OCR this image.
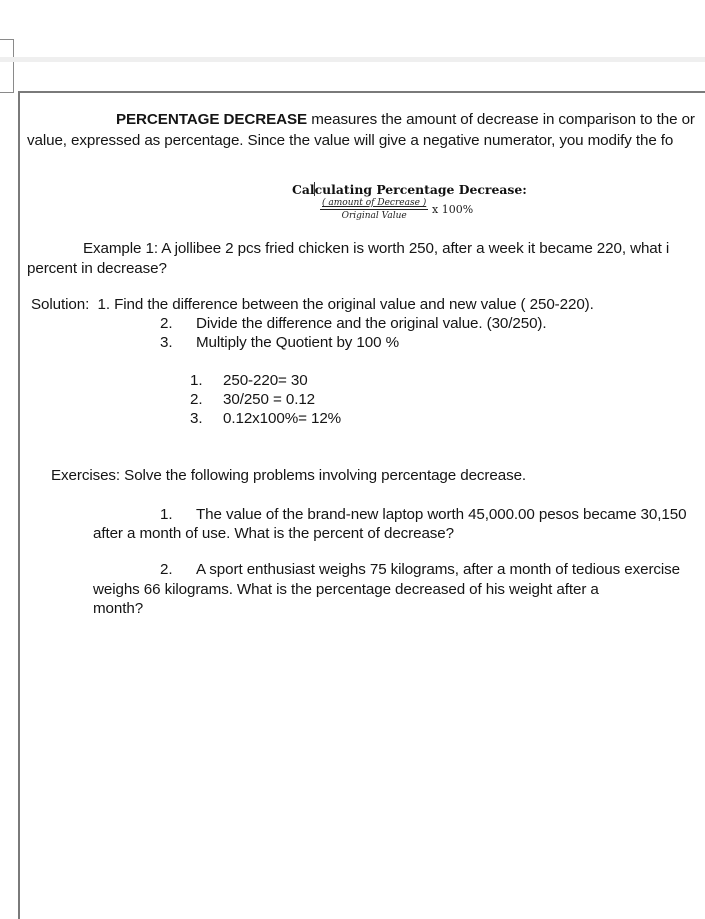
PERCENTAGE DECREASE measures the amount of decrease in comparison to the or
value, expressed as percentage. Since the value will give a negative numerator, you modify the fo
Calculating Percentage Decrease:
( amount of Decrease )
Original Value x 100%
Example 1: A jollibee 2 pcs fried chicken is worth 250, after a week it became 220, what i
percent in decrease?
Solution: 1. Find the difference between the original value and new value ( 250-220).
2. Divide the difference and the original value. (30/250).
3. Multiply the Quotient by 100 %
1. 250-220= 30
2. 30/250 = 0.12
3. 0.12x100%= 12%
Exercises: Solve the following problems involving percentage decrease.
1. The value of the brand-new laptop worth 45,000.00 pesos became 30,150
after a month of use. What is the percent of decrease?
2. A sport enthusiast weighs 75 kilograms, after a month of tedious exercise
weighs 66 kilograms. What is the percentage decreased of his weight after a
month?
